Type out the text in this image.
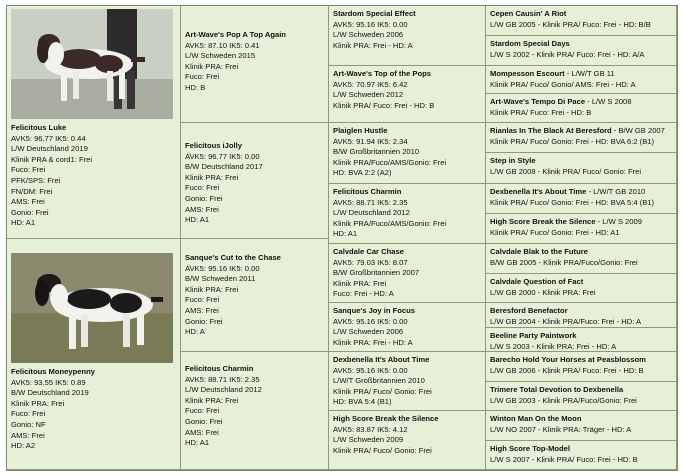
Felicitous Luke
AVK5: 96.77 IK5: 0.44
L/W Deutschland 2019
Klinik PRA & cord1: Frei
Fuco: Frei
PFK/SPS: Frei
FN/DM: Frei
AMS: Frei
Gonio: Frei
HD: A1
Felicitous Moneypenny
AVK5: 93.55 IK5: 0.89
B/W Deutschland 2019
Klinik PRA: Frei
Fuco: Frei
Gonio: NF
AMS: Frei
HD: A2
Art-Wave's Pop A Top Again
AVK5: 87.10 IK5: 0.41
L/W Schweden 2015
Klinik PRA: Frei
Fuco: Frei
HD: B
Felicitous iJolly
AVK5: 96.77 IK5: 0.00
B/W Deutschland 2017
Klinik PRA: Frei
Fuco: Frei
Gonio: Frei
AMS: Frei
HD: A1
Sanque's Cut to the Chase
AVK5: 95.16 IK5: 0.00
B/W Schweden 2011
Klinik PRA: Frei
Fuco: Frei
AMS: Frei
Gonio: Frei
HD: A
Felicitous Charmin
AVK5: 88.71 IK5: 2.35
L/W Deutschland 2012
Klinik PRA: Frei
Fuco: Frei
Gonio: Frei
AMS: Frei
HD: A1
Stardom Special Effect
AVK5: 95.16 IK5: 0.00
L/W Schweden 2006
Klinik PRA: Frei - HD: A
Art-Wave's Top of the Pops
AVK5: 70.97 IK5: 6.42
L/W Schweden 2012
Klinik PRA/ Fuco: Frei - HD: B
Plaiglen Hustle
AVK5: 91.94 IK5: 2.34
B/W Großbritannien 2010
Klinik PRA/Fuco/AMS/Gonio: Frei
HD: BVA 2:2 (A2)
Felicitous Charmin
AVK5: 88.71 IK5: 2.35
L/W Deutschland 2012
Klinik PRA/Fuco/AMS/Gonio: Frei
HD: A1
Calvdale Car Chase
AVK5: 79.03 IK5: 8.07
B/W Großbritannien 2007
Klinik PRA: Frei
Fuco: Frei - HD: A
Sanque's Joy in Focus
AVK5: 95.16 IK5: 0.00
L/W Schweden 2006
Klinik PRA: Frei - HD: A
Dexbenella It's About Time
AVK5: 95.16 IK5: 0.00
L/W/T Großbritannien 2010
Klinik PRA/ Fuco/ Gonio: Frei
HD: BVA 5:4 (B1)
High Score Break the Silence
AVK5: 83.87 IK5: 4.12
L/W Schweden 2009
Klinik PRA/ Fuco/ Gonio: Frei
Cepen Causin' A Riot
L/W GB 2005 - Klinik PRA/ Fuco: Frei - HD: B/B
Stardom Special Days
L/W S 2002 - Klinik PRA/ Fuco: Frei - HD: A/A
Mompesson Escourt - L/W/T GB 11
Klinik PRA/ Fuco/ Gonio/ AMS: Frei - HD: A
Art-Wave's Tempo Di Pace - L/W S 2008
Klinik PRA/ Fuco: Frei - HD: B
Rianlas In The Black At Beresford - B/W GB 2007
Klinik PRA/ Fuco/ Gonio: Frei - HD: BVA 6:2 (B1)
Step in Style
L/W GB 2008 - Klinik PRA/ Fuco/ Gonio: Frei
Dexbenella It's About Time - L/W/T GB 2010
Klinik PRA/ Fuco/ Gonio: Frei - HD: BVA 5:4 (B1)
High Score Break the Silence - L/W S 2009
Klinik PRA/ Fuco/ Gonio: Frei - HD: A1
Calvdale Blak to the Future
B/W GB 2005 - Klinik PRA/Fuco/Gonio: Frei
Calvdale Question of Fact
L/W GB 2000 - Klinik PRA: Frei
Beresford Benefactor
L/W GB 2004 - Klinik PRA/Fuco: Frei - HD: A
Beeline Party Paintwork
L/W S 2003 - Klinik PRA: Frei - HD: A
Barecho Hold Your Horses at Peasblossom
L/W GB 2006 - Klinik PRA/ Fuco: Frei - HD: B
Trimere Total Devotion to Dexbenella
L/W GB 2003 - Klinik PRA/Fuco/Gonio: Frei
Winton Man On the Moon
L/W NO 2007 - Klinik PRA: Träger - HD: A
High Score Top-Model
L/W S 2007 - Klinik PRA/ Fuco: Frei - HD: B
